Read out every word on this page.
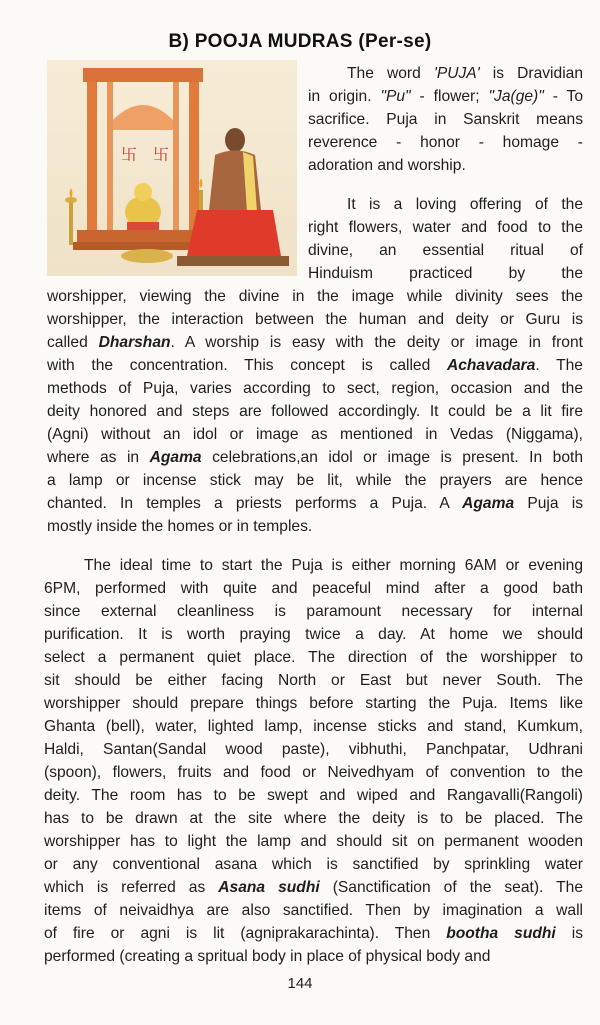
B) POOJA MUDRAS (Per-se)
卐 卐
The word 'PUJA' is Dravidian
in origin. "Pu" - flower; "Ja(ge)" - To
sacrifice. Puja in Sanskrit means
reverence - honor - homage -
adoration and worship.
It is a loving offering of the
right flowers, water and food to the
divine, an essential ritual of
Hinduism practiced by the
worshipper, viewing the divine in the image while divinity sees the
worshipper, the interaction between the human and deity or Guru is
called Dharshan. A worship is easy with the deity or image in front
with the concentration. This concept is called Achavadara. The
methods of Puja, varies according to sect, region, occasion and the
deity honored and steps are followed accordingly. It could be a lit fire
(Agni) without an idol or image as mentioned in Vedas (Niggama),
where as in Agama celebrations,an idol or image is present. In both
a lamp or incense stick may be lit, while the prayers are hence
chanted. In temples a priests performs a Puja. A Agama Puja is
mostly inside the homes or in temples.
The ideal time to start the Puja is either morning 6AM or evening
6PM, performed with quite and peaceful mind after a good bath
since external cleanliness is paramount necessary for internal
purification. It is worth praying twice a day. At home we should
select a permanent quiet place. The direction of the worshipper to
sit should be either facing North or East but never South. The
worshipper should prepare things before starting the Puja. Items like
Ghanta (bell), water, lighted lamp, incense sticks and stand, Kumkum,
Haldi, Santan(Sandal wood paste), vibhuthi, Panchpatar, Udhrani
(spoon), flowers, fruits and food or Neivedhyam of convention to the
deity. The room has to be swept and wiped and Rangavalli(Rangoli)
has to be drawn at the site where the deity is to be placed. The
worshipper has to light the lamp and should sit on permanent wooden
or any conventional asana which is sanctified by sprinkling water
which is referred as Asana sudhi (Sanctification of the seat). The
items of neivaidhya are also sanctified. Then by imagination a wall
of fire or agni is lit (agniprakarachinta). Then bootha sudhi is
performed (creating a spritual body in place of physical body and
144
